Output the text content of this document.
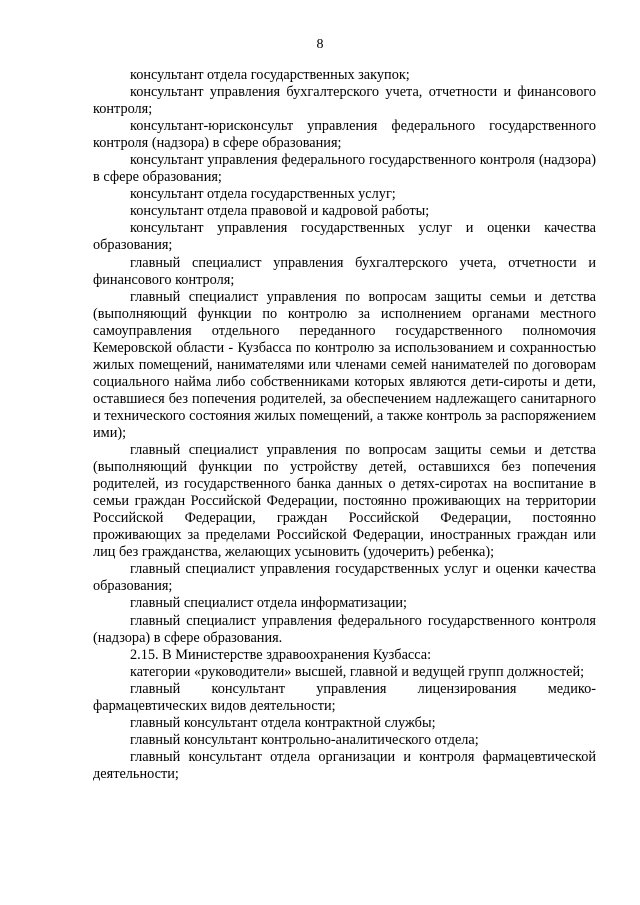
8

консультант отдела государственных закупок;

консультант управления бухгалтерского учета, отчетности и финансового контроля;

консультант-юрисконсульт управления федерального государственного контроля (надзора) в сфере образования;

консультант управления федерального государственного контроля (надзора) в сфере образования;

консультант отдела государственных услуг;

консультант отдела правовой и кадровой работы;

консультант управления государственных услуг и оценки качества образования;

главный специалист управления бухгалтерского учета, отчетности и финансового контроля;

главный специалист управления по вопросам защиты семьи и детства (выполняющий функции по контролю за исполнением органами местного самоуправления отдельного переданного государственного полномочия Кемеровской области - Кузбасса по контролю за использованием и сохранностью жилых помещений, нанимателями или членами семей нанимателей по договорам социального найма либо собственниками которых являются дети-сироты и дети, оставшиеся без попечения родителей, за обеспечением надлежащего санитарного и технического состояния жилых помещений, а также контроль за распоряжением ими);

главный специалист управления по вопросам защиты семьи и детства (выполняющий функции по устройству детей, оставшихся без попечения родителей, из государственного банка данных о детях-сиротах на воспитание в семьи граждан Российской Федерации, постоянно проживающих на территории Российской Федерации, граждан Российской Федерации, постоянно проживающих за пределами Российской Федерации, иностранных граждан или лиц без гражданства, желающих усыновить (удочерить) ребенка);

главный специалист управления государственных услуг и оценки качества образования;

главный специалист отдела информатизации;

главный специалист управления федерального государственного контроля (надзора) в сфере образования.

2.15. В Министерстве здравоохранения Кузбасса:

категории «руководители» высшей, главной и ведущей групп должностей;

главный консультант управления лицензирования медико-фармацевтических видов деятельности;

главный консультант отдела контрактной службы;

главный консультант контрольно-аналитического отдела;

главный консультант отдела организации и контроля фармацевтической деятельности;
